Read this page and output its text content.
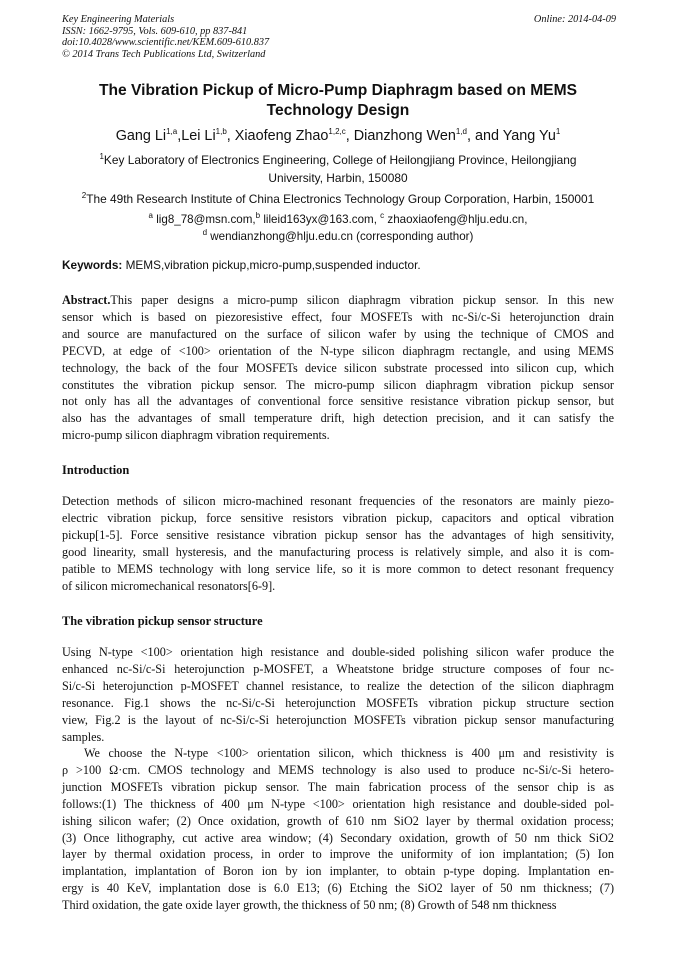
Key Engineering Materials
ISSN: 1662-9795, Vols. 609-610, pp 837-841
doi:10.4028/www.scientific.net/KEM.609-610.837
© 2014 Trans Tech Publications Ltd, Switzerland
Online: 2014-04-09
The Vibration Pickup of Micro-Pump Diaphragm based on MEMS
Technology Design
Gang Li$^{1,a}$,Lei Li$^{1,b}$, Xiaofeng Zhao$^{1,2,c}$, Dianzhong Wen$^{1,d}$, and Yang Yu$^1$
$^1$Key Laboratory of Electronics Engineering, College of Heilongjiang Province, Heilongjiang
University, Harbin, 150080
$^2$The 49th Research Institute of China Electronics Technology Group Corporation, Harbin, 150001
$^a$ lig8_78@msn.com,$^b$ lileid163yx@163.com, $^c$ zhaoxiaofeng@hlju.edu.cn,
$^d$ wendianzhong@hlju.edu.cn (corresponding author)
Keywords: MEMS,vibration pickup,micro-pump,suspended inductor.
Abstract.This paper designs a micro-pump silicon diaphragm vibration pickup sensor. In this new
sensor which is based on piezoresistive effect, four MOSFETs with nc-Si/c-Si heterojunction drain
and source are manufactured on the surface of silicon wafer by using the technique of CMOS and
PECVD, at edge of <100> orientation of the N-type silicon diaphragm rectangle, and using MEMS
technology, the back of the four MOSFETs device silicon substrate processed into silicon cup, which
constitutes the vibration pickup sensor. The micro-pump silicon diaphragm vibration pickup sensor
not only has all the advantages of conventional force sensitive resistance vibration pickup sensor, but
also has the advantages of small temperature drift, high detection precision, and it can satisfy the
micro-pump silicon diaphragm vibration requirements.
Introduction
Detection methods of silicon micro-machined resonant frequencies of the resonators are mainly piezo-
electric vibration pickup, force sensitive resistors vibration pickup, capacitors and optical vibration
pickup[1-5]. Force sensitive resistance vibration pickup sensor has the advantages of high sensitivity,
good linearity, small hysteresis, and the manufacturing process is relatively simple, and also it is com-
patible to MEMS technology with long service life, so it is more common to detect resonant frequency
of silicon micromechanical resonators[6-9].
The vibration pickup sensor structure
Using N-type <100> orientation high resistance and double-sided polishing silicon wafer produce the
enhanced nc-Si/c-Si heterojunction p-MOSFET, a Wheatstone bridge structure composes of four nc-
Si/c-Si heterojunction p-MOSFET channel resistance, to realize the detection of the silicon diaphragm
resonance. Fig.1 shows the nc-Si/c-Si heterojunction MOSFETs vibration pickup structure section
view, Fig.2 is the layout of nc-Si/c-Si heterojunction MOSFETs vibration pickup sensor manufacturing
samples.
We choose the N-type <100> orientation silicon, which thickness is 400 μm and resistivity is
ρ >100 Ω·cm. CMOS technology and MEMS technology is also used to produce nc-Si/c-Si hetero-
junction MOSFETs vibration pickup sensor. The main fabrication process of the sensor chip is as
follows:(1) The thickness of 400 μm N-type <100> orientation high resistance and double-sided pol-
ishing silicon wafer; (2) Once oxidation, growth of 610 nm SiO2 layer by thermal oxidation process;
(3) Once lithography, cut active area window; (4) Secondary oxidation, growth of 50 nm thick SiO2
layer by thermal oxidation process, in order to improve the uniformity of ion implantation; (5) Ion
implantation, implantation of Boron ion by ion implanter, to obtain p-type doping. Implantation en-
ergy is 40 KeV, implantation dose is 6.0 E13; (6) Etching the SiO2 layer of 50 nm thickness; (7)
Third oxidation, the gate oxide layer growth, the thickness of 50 nm; (8) Growth of 548 nm thickness
